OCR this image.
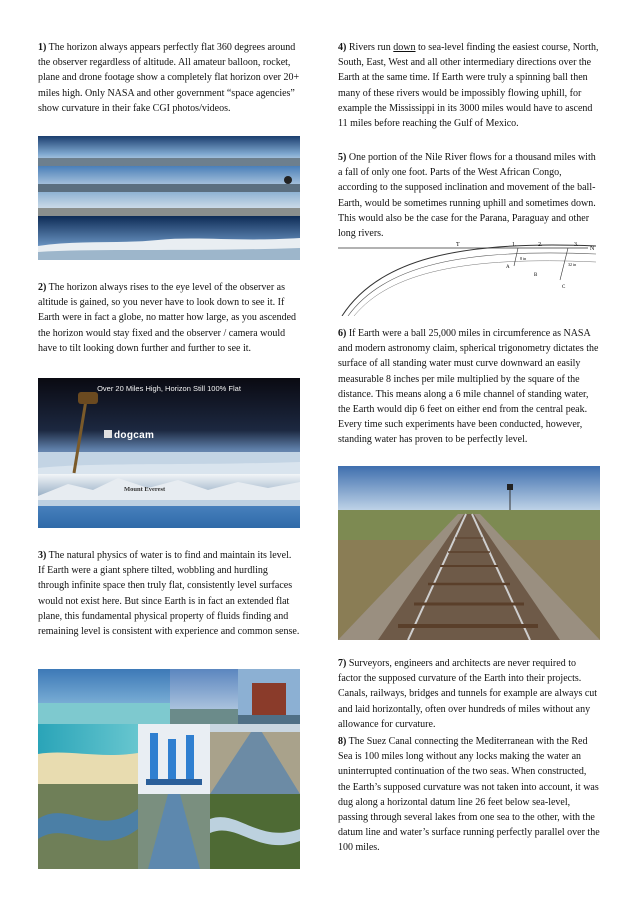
1) The horizon always appears perfectly flat 360 degrees around the observer regardless of altitude. All amateur balloon, rocket, plane and drone footage show a completely flat horizon over 20+ miles high. Only NASA and other government “space agencies” show curvature in their fake CGI photos/videos.

2) The horizon always rises to the eye level of the observer as altitude is gained, so you never have to look down to see it. If Earth were in fact a globe, no matter how large, as you ascended the horizon would stay fixed and the observer / camera would have to tilt looking down further and further to see it.

Over 20 Miles High, Horizon Still 100% Flat
dogcam
Mount Everest

3) The natural physics of water is to find and maintain its level. If Earth were a giant sphere tilted, wobbling and hurdling through infinite space then truly flat, consistently level surfaces would not exist here. But since Earth is in fact an extended flat plane, this fundamental physical property of fluids finding and remaining level is consistent with experience and common sense.

4) Rivers run down to sea-level finding the easiest course, North, South, East, West and all other intermediary directions over the Earth at the same time. If Earth were truly a spinning ball then many of these rivers would be impossibly flowing uphill, for example the Mississippi in its 3000 miles would have to ascend 11 miles before reaching the Gulf of Mexico.

5) One portion of the Nile River flows for a thousand miles with a fall of only one foot. Parts of the West African Congo, according to the supposed inclination and movement of the ball-Earth, would be sometimes running uphill and sometimes down. This would also be the case for the Parana, Paraguay and other long rivers.

T	1.	2.	3.
N
A
B
C
8 in
32 in

6) If Earth were a ball 25,000 miles in circumference as NASA and modern astronomy claim, spherical trigonometry dictates the surface of all standing water must curve downward an easily measurable 8 inches per mile multiplied by the square of the distance. This means along a 6 mile channel of standing water, the Earth would dip 6 feet on either end from the central peak. Every time such experiments have been conducted, however, standing water has proven to be perfectly level.

7) Surveyors, engineers and architects are never required to factor the supposed curvature of the Earth into their projects. Canals, railways, bridges and tunnels for example are always cut and laid horizontally, often over hundreds of miles without any allowance for curvature.

8) The Suez Canal connecting the Mediterranean with the Red Sea is 100 miles long without any locks making the water an uninterrupted continuation of the two seas. When constructed, the Earth’s supposed curvature was not taken into account, it was dug along a horizontal datum line 26 feet below sea-level, passing through several lakes from one sea to the other, with the datum line and water’s surface running perfectly parallel over the 100 miles.
